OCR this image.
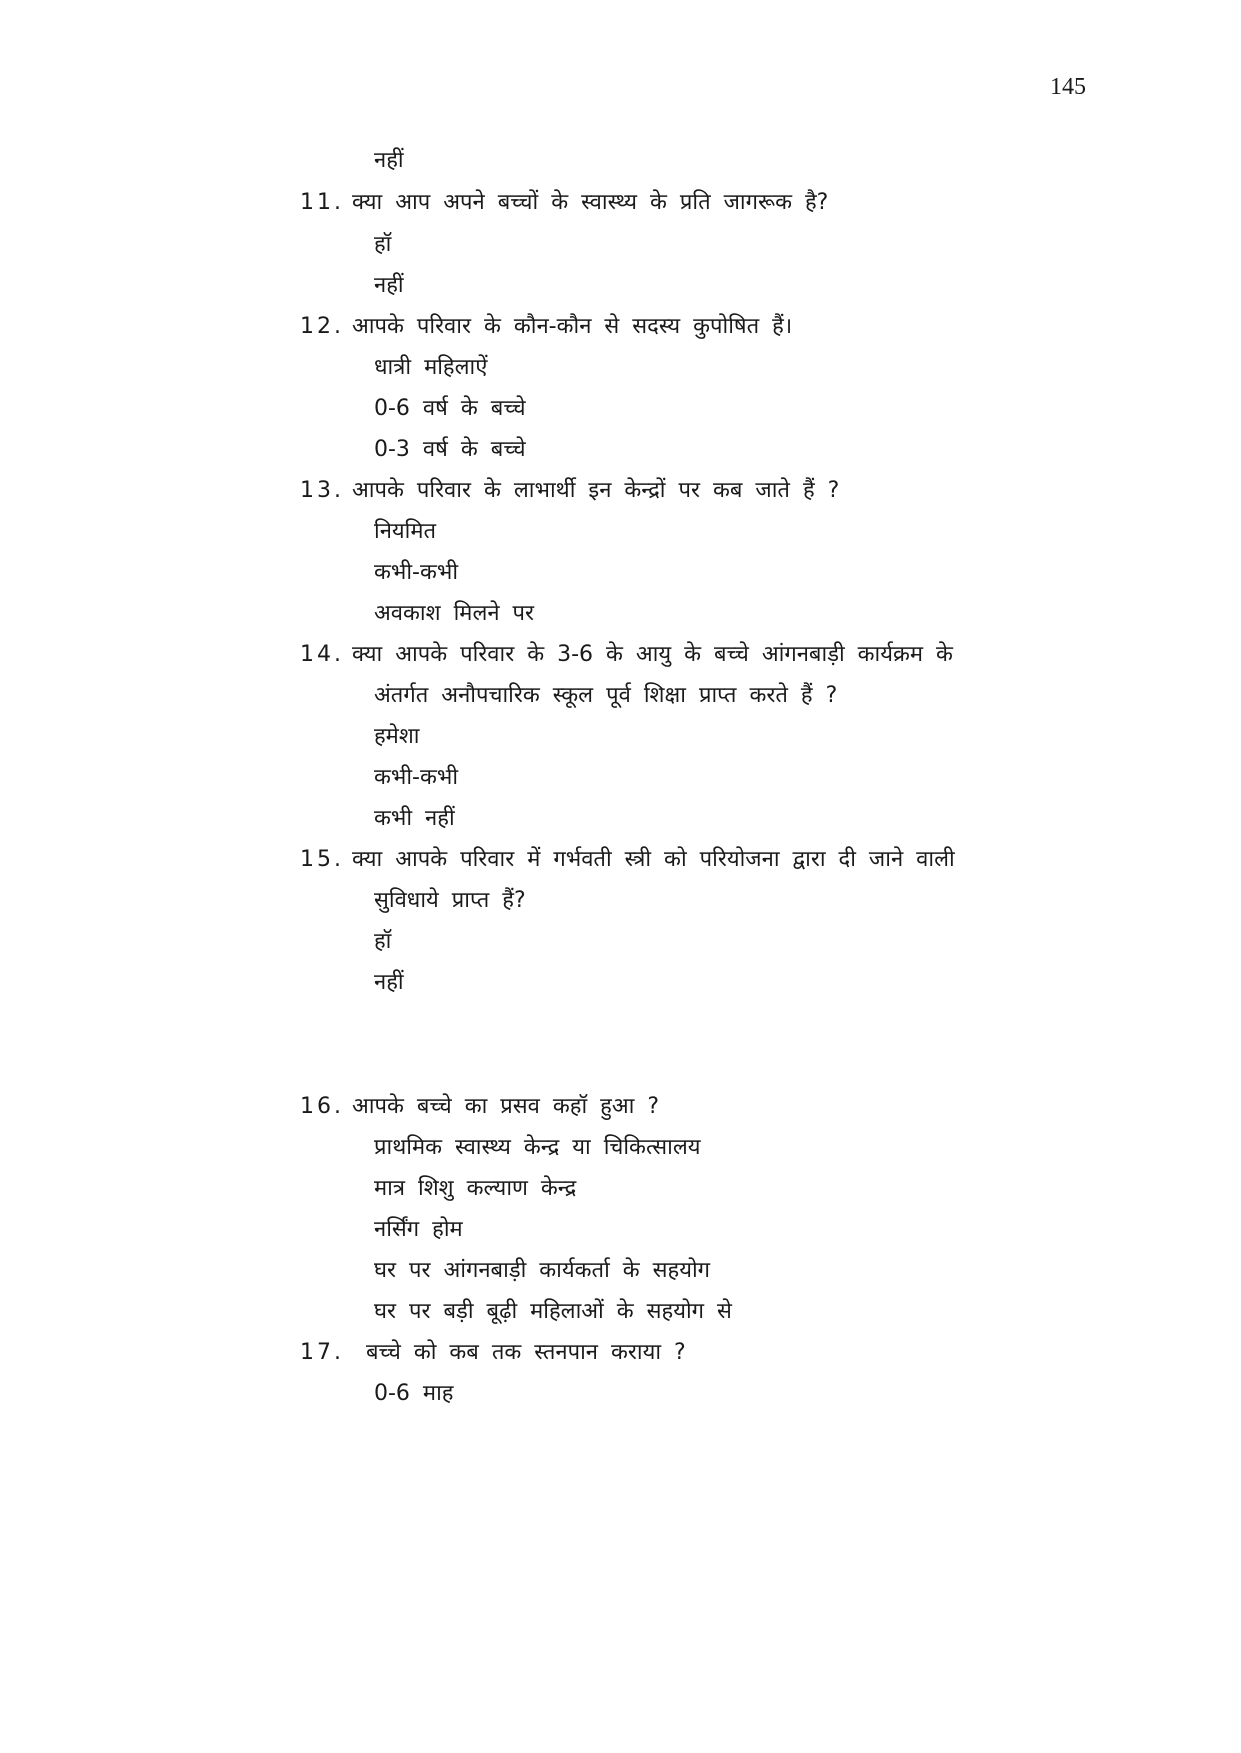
145
नहीं
11. क्या आप अपने बच्चों के स्वास्थ्य के प्रति जागरूक है?
हॉ
नहीं
12. आपके परिवार के कौन-कौन से सदस्य कुपोषित हैं।
धात्री महिलाऐं
0-6 वर्ष के बच्चे
0-3 वर्ष के बच्चे
13. आपके परिवार के लाभार्थी इन केन्द्रों पर कब जाते हैं ?
नियमित
कभी-कभी
अवकाश मिलने पर
14. क्या आपके परिवार के 3-6 के आयु के बच्चे आंगनबाड़ी कार्यक्रम के
अंतर्गत अनौपचारिक स्कूल पूर्व शिक्षा प्राप्त करते हैं ?
हमेशा
कभी-कभी
कभी नहीं
15. क्या आपके परिवार में गर्भवती स्त्री को परियोजना द्वारा दी जाने वाली
सुविधाये प्राप्त हैं?
हॉ
नहीं
16. आपके बच्चे का प्रसव कहॉ हुआ ?
प्राथमिक स्वास्थ्य केन्द्र या चिकित्सालय
मात्र शिशु कल्याण केन्द्र
नर्सिंग होम
घर पर आंगनबाड़ी कार्यकर्ता के सहयोग
घर पर बड़ी बूढ़ी महिलाओं के सहयोग से
17. बच्चे को कब तक स्तनपान कराया ?
0-6 माह
